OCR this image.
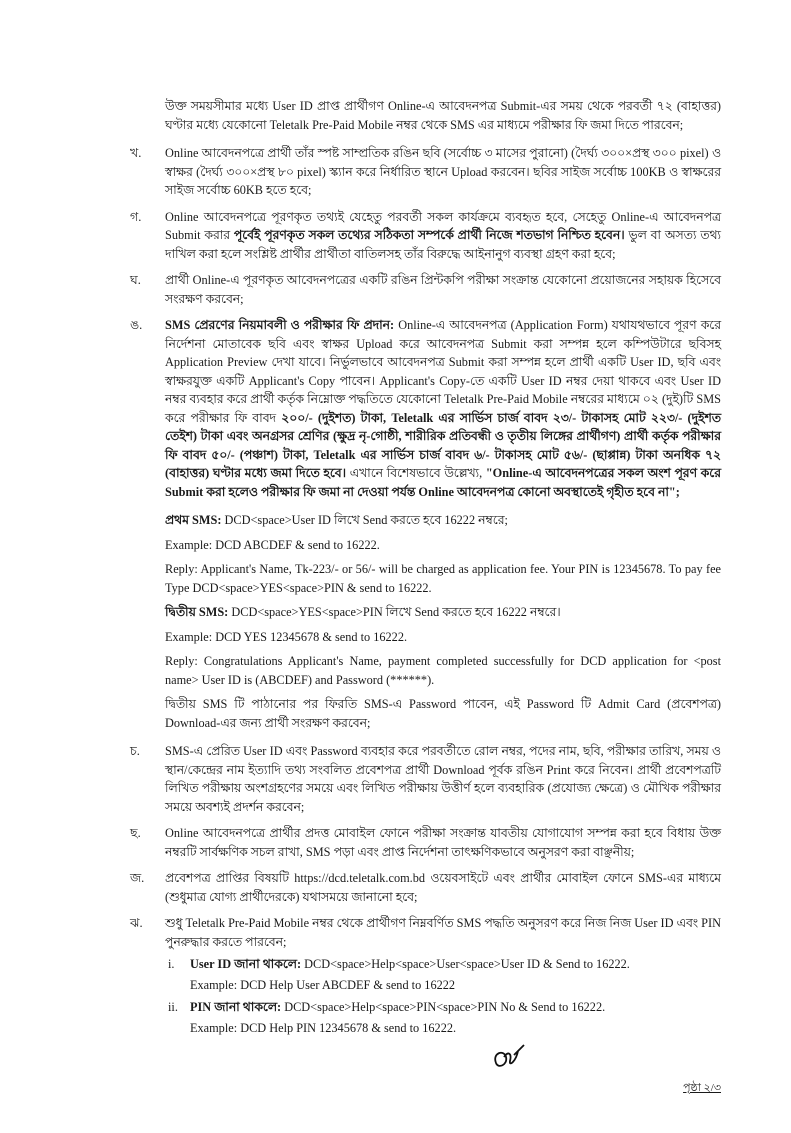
উক্ত সময়সীমার মধ্যে User ID প্রাপ্ত প্রার্থীগণ Online-এ আবেদনপত্র Submit-এর সময় থেকে পরবর্তী ৭২ (বাহাত্তর) ঘণ্টার মধ্যে যেকোনো Teletalk Pre-Paid Mobile নম্বর থেকে SMS এর মাধ্যমে পরীক্ষার ফি জমা দিতে পারবেন;
খ.	Online আবেদনপত্রে প্রার্থী তাঁর স্পষ্ট সাম্প্রতিক রঙিন ছবি (সর্বোচ্চ ৩ মাসের পুরানো) (দৈর্ঘ্য ৩০০×প্রস্থ ৩০০ pixel) ও স্বাক্ষর (দৈর্ঘ্য ৩০০×প্রস্থ ৮০ pixel) স্ক্যান করে নির্ধারিত স্থানে Upload করবেন। ছবির সাইজ সর্বোচ্চ 100KB ও স্বাক্ষরের সাইজ সর্বোচ্চ 60KB হতে হবে;
গ.	Online আবেদনপত্রে পূরণকৃত তথ্যই যেহেতু পরবর্তী সকল কার্যক্রমে ব্যবহৃত হবে, সেহেতু Online-এ আবেদনপত্র Submit করার পূর্বেই পূরণকৃত সকল তথ্যের সঠিকতা সম্পর্কে প্রার্থী নিজে শতভাগ নিশ্চিত হবেন। ভুল বা অসত্য তথ্য দাখিল করা হলে সংশ্লিষ্ট প্রার্থীর প্রার্থীতা বাতিলসহ তাঁর বিরুদ্ধে আইনানুগ ব্যবস্থা গ্রহণ করা হবে;
ঘ.	প্রার্থী Online-এ পূরণকৃত আবেদনপত্রের একটি রঙিন প্রিন্টকপি পরীক্ষা সংক্রান্ত যেকোনো প্রয়োজনের সহায়ক হিসেবে সংরক্ষণ করবেন;
ঙ.	SMS প্রেরণের নিয়মাবলী ও পরীক্ষার ফি প্রদান: Online-এ আবেদনপত্র (Application Form) যথাযথভাবে পূরণ করে নির্দেশনা মোতাবেক ছবি এবং স্বাক্ষর Upload করে আবেদনপত্র Submit করা সম্পন্ন হলে কম্পিউটারে ছবিসহ Application Preview দেখা যাবে। নির্ভুলভাবে আবেদনপত্র Submit করা সম্পন্ন হলে প্রার্থী একটি User ID, ছবি এবং স্বাক্ষরযুক্ত একটি Applicant's Copy পাবেন। Applicant's Copy-তে একটি User ID নম্বর দেয়া থাকবে এবং User ID নম্বর ব্যবহার করে প্রার্থী কর্তৃক নিম্নোক্ত পদ্ধতিতে যেকোনো Teletalk Pre-Paid Mobile নম্বরের মাধ্যমে ০২ (দুই)টি SMS করে পরীক্ষার ফি বাবদ ২০০/- (দুইশত) টাকা, Teletalk এর সার্ভিস চার্জ বাবদ ২৩/- টাকাসহ মোট ২২৩/- (দুইশত তেইশ) টাকা এবং অনগ্রসর শ্রেণির (ক্ষুদ্র নৃ-গোষ্ঠী, শারীরিক প্রতিবন্ধী ও তৃতীয় লিঙ্গের প্রার্থীগণ) প্রার্থী কর্তৃক পরীক্ষার ফি বাবদ ৫০/- (পঞ্চাশ) টাকা, Teletalk এর সার্ভিস চার্জ বাবদ ৬/- টাকাসহ মোট ৫৬/- (ছাপ্পান্ন) টাকা অনধিক ৭২ (বাহাত্তর) ঘণ্টার মধ্যে জমা দিতে হবে। এখানে বিশেষভাবে উল্লেখ্য, "Online-এ আবেদনপত্রের সকল অংশ পূরণ করে Submit করা হলেও পরীক্ষার ফি জমা না দেওয়া পর্যন্ত Online আবেদনপত্র কোনো অবস্থাতেই গৃহীত হবে না";
প্রথম SMS: DCD<space>User ID লিখে Send করতে হবে 16222 নম্বরে;
Example: DCD ABCDEF & send to 16222.
Reply: Applicant's Name, Tk-223/- or 56/- will be charged as application fee. Your PIN is 12345678. To pay fee Type DCD<space>YES<space>PIN & send to 16222.
দ্বিতীয় SMS: DCD<space>YES<space>PIN লিখে Send করতে হবে 16222 নম্বরে।
Example: DCD YES 12345678 & send to 16222.
Reply: Congratulations Applicant's Name, payment completed successfully for DCD application for <post name> User ID is (ABCDEF) and Password (******).
দ্বিতীয় SMS টি পাঠানোর পর ফিরতি SMS-এ Password পাবেন, এই Password টি Admit Card (প্রবেশপত্র) Download-এর জন্য প্রার্থী সংরক্ষণ করবেন;
চ.	SMS-এ প্রেরিত User ID এবং Password ব্যবহার করে পরবর্তীতে রোল নম্বর, পদের নাম, ছবি, পরীক্ষার তারিখ, সময় ও স্থান/কেন্দ্রের নাম ইত্যাদি তথ্য সংবলিত প্রবেশপত্র প্রার্থী Download পূর্বক রঙিন Print করে নিবেন। প্রার্থী প্রবেশপত্রটি লিখিত পরীক্ষায় অংশগ্রহণের সময়ে এবং লিখিত পরীক্ষায় উত্তীর্ণ হলে ব্যবহারিক (প্রযোজ্য ক্ষেত্রে) ও মৌখিক পরীক্ষার সময়ে অবশ্যই প্রদর্শন করবেন;
ছ.	Online আবেদনপত্রে প্রার্থীর প্রদত্ত মোবাইল ফোনে পরীক্ষা সংক্রান্ত যাবতীয় যোগাযোগ সম্পন্ন করা হবে বিধায় উক্ত নম্বরটি সার্বক্ষণিক সচল রাখা, SMS পড়া এবং প্রাপ্ত নির্দেশনা তাৎক্ষণিকভাবে অনুসরণ করা বাঞ্ছনীয়;
জ.	প্রবেশপত্র প্রাপ্তির বিষয়টি https://dcd.teletalk.com.bd ওয়েবসাইটে এবং প্রার্থীর মোবাইল ফোনে SMS-এর মাধ্যমে (শুধুমাত্র যোগ্য প্রার্থীদেরকে) যথাসময়ে জানানো হবে;
ঝ.	শুধু Teletalk Pre-Paid Mobile নম্বর থেকে প্রার্থীগণ নিম্নবর্ণিত SMS পদ্ধতি অনুসরণ করে নিজ নিজ User ID এবং PIN পুনরুদ্ধার করতে পারবেন;
i.	User ID জানা থাকলে: DCD<space>Help<space>User<space>User ID & Send to 16222.
Example: DCD Help User ABCDEF & send to 16222
ii. PIN জানা থাকলে: DCD<space>Help<space>PIN<space>PIN No & Send to 16222.
Example: DCD Help PIN 12345678 & send to 16222.
পৃষ্ঠা ২/৩
